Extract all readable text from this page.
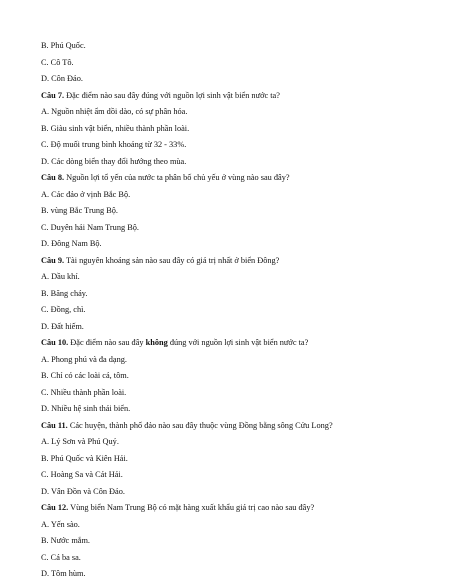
B. Phú Quốc.
C. Cô Tô.
D. Côn Đảo.
Câu 7. Đặc điểm nào sau đây đúng với nguồn lợi sinh vật biển nước ta?
A. Nguồn nhiệt ẩm dồi dào, có sự phân hóa.
B. Giàu sinh vật biển, nhiều thành phần loài.
C. Độ muối trung bình khoảng từ 32 - 33%.
D. Các dòng biển thay đổi hướng theo mùa.
Câu 8. Nguồn lợi tổ yến của nước ta phân bố chủ yếu ở vùng nào sau đây?
A. Các đảo ở vịnh Bắc Bộ.
B. vùng Bắc Trung Bộ.
C. Duyên hải Nam Trung Bộ.
D. Đông Nam Bộ.
Câu 9. Tài nguyên khoáng sản nào sau đây có giá trị nhất ở biển Đông?
A. Dầu khí.
B. Băng cháy.
C. Đồng, chì.
D. Đất hiếm.
Câu 10. Đặc điểm nào sau đây không đúng với nguồn lợi sinh vật biển nước ta?
A. Phong phú và đa dạng.
B. Chỉ có các loài cá, tôm.
C. Nhiều thành phần loài.
D. Nhiều hệ sinh thái biển.
Câu 11. Các huyện, thành phố đảo nào sau đây thuộc vùng Đồng bằng sông Cửu Long?
A. Lý Sơn và Phú Quý.
B. Phú Quốc và Kiên Hải.
C. Hoàng Sa và Cát Hải.
D. Vân Đồn và Côn Đảo.
Câu 12. Vùng biển Nam Trung Bộ có mặt hàng xuất khẩu giá trị cao nào sau đây?
A. Yến sào.
B. Nước mắm.
C. Cá ba sa.
D. Tôm hùm.
